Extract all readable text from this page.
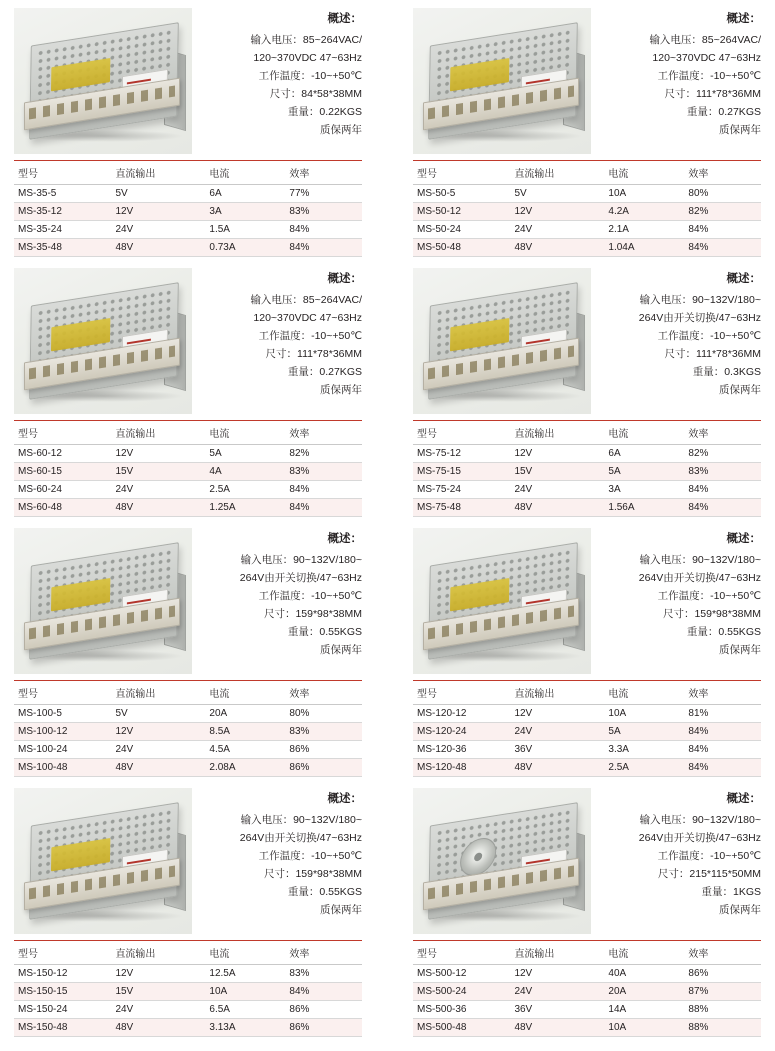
概述：
输入电压：85~264VAC/
120~370VDC 47~63Hz
工作温度：-10~+50℃
尺寸：84*58*38MM
重量：0.22KGS
质保两年
型号	直流输出	电流	效率
MS-35-5	5V	6A	77%
MS-35-12	12V	3A	83%
MS-35-24	24V	1.5A	84%
MS-35-48	48V	0.73A	84%
概述：
输入电压：85~264VAC/
120~370VDC 47~63Hz
工作温度：-10~+50℃
尺寸：111*78*36MM
重量：0.27KGS
质保两年
型号	直流输出	电流	效率
MS-50-5	5V	10A	80%
MS-50-12	12V	4.2A	82%
MS-50-24	24V	2.1A	84%
MS-50-48	48V	1.04A	84%
概述：
输入电压：85~264VAC/
120~370VDC 47~63Hz
工作温度：-10~+50℃
尺寸：111*78*36MM
重量：0.27KGS
质保两年
型号	直流输出	电流	效率
MS-60-12	12V	5A	82%
MS-60-15	15V	4A	83%
MS-60-24	24V	2.5A	84%
MS-60-48	48V	1.25A	84%
概述：
输入电压：90~132V/180~
264V由开关切换/47~63Hz
工作温度：-10~+50℃
尺寸：111*78*36MM
重量：0.3KGS
质保两年
型号	直流输出	电流	效率
MS-75-12	12V	6A	82%
MS-75-15	15V	5A	83%
MS-75-24	24V	3A	84%
MS-75-48	48V	1.56A	84%
概述：
输入电压：90~132V/180~
264V由开关切换/47~63Hz
工作温度：-10~+50℃
尺寸：159*98*38MM
重量：0.55KGS
质保两年
型号	直流输出	电流	效率
MS-100-5	5V	20A	80%
MS-100-12	12V	8.5A	83%
MS-100-24	24V	4.5A	86%
MS-100-48	48V	2.08A	86%
概述：
输入电压：90~132V/180~
264V由开关切换/47~63Hz
工作温度：-10~+50℃
尺寸：159*98*38MM
重量：0.55KGS
质保两年
型号	直流输出	电流	效率
MS-120-12	12V	10A	81%
MS-120-24	24V	5A	84%
MS-120-36	36V	3.3A	84%
MS-120-48	48V	2.5A	84%
概述：
输入电压：90~132V/180~
264V由开关切换/47~63Hz
工作温度：-10~+50℃
尺寸：159*98*38MM
重量：0.55KGS
质保两年
型号	直流输出	电流	效率
MS-150-12	12V	12.5A	83%
MS-150-15	15V	10A	84%
MS-150-24	24V	6.5A	86%
MS-150-48	48V	3.13A	86%
概述：
输入电压：90~132V/180~
264V由开关切换/47~63Hz
工作温度：-10~+50℃
尺寸：215*115*50MM
重量：1KGS
质保两年
型号	直流输出	电流	效率
MS-500-12	12V	40A	86%
MS-500-24	24V	20A	87%
MS-500-36	36V	14A	88%
MS-500-48	48V	10A	88%
